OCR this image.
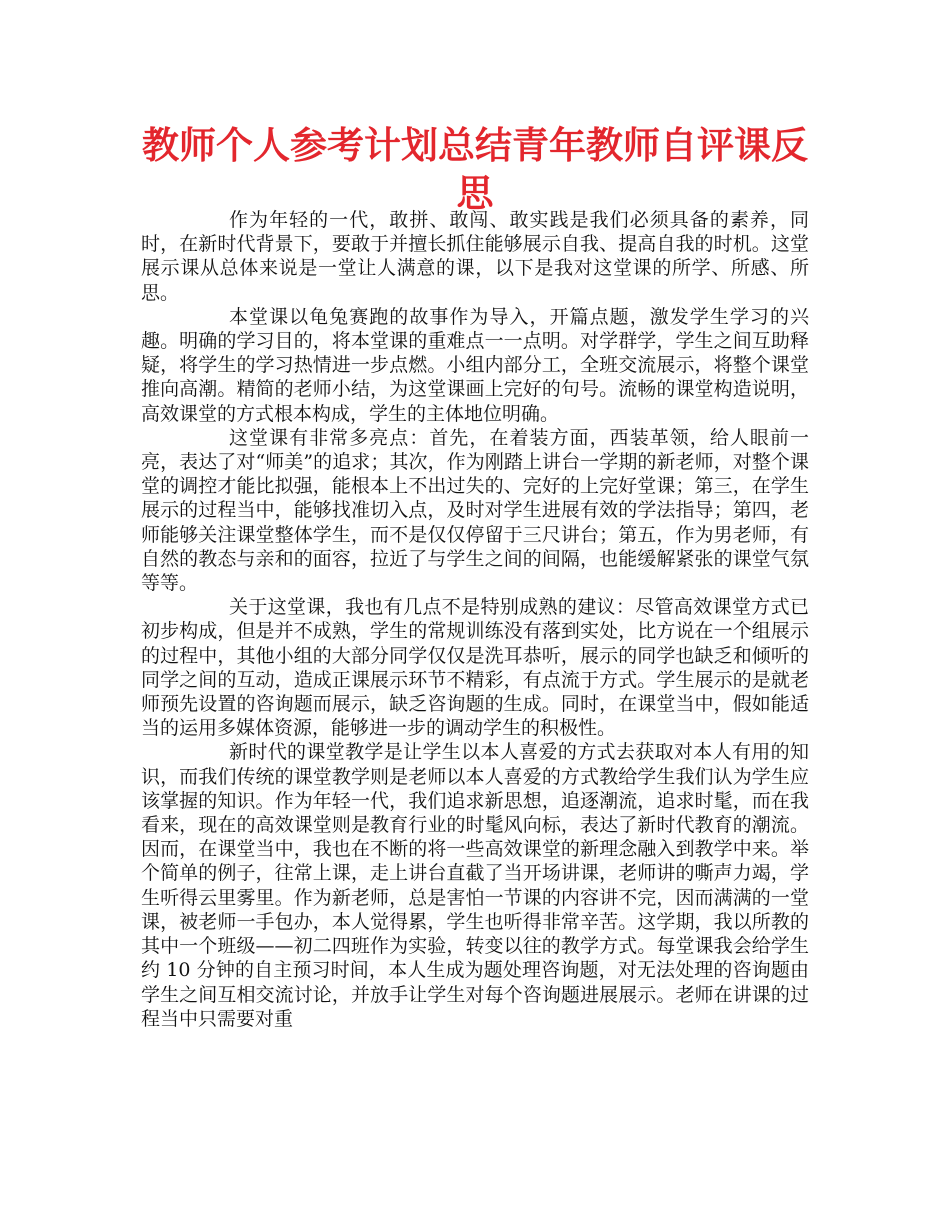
教师个人参考计划总结青年教师自评课反思

作为年轻的一代，敢拼、敢闯、敢实践是我们必须具备的素养，同时，在新时代背景下，要敢于并擅长抓住能够展示自我、提高自我的时机。这堂展示课从总体来说是一堂让人满意的课，以下是我对这堂课的所学、所感、所思。

本堂课以龟兔赛跑的故事作为导入，开篇点题，激发学生学习的兴趣。明确的学习目的，将本堂课的重难点一一点明。对学群学，学生之间互助释疑，将学生的学习热情进一步点燃。小组内部分工，全班交流展示，将整个课堂推向高潮。精简的老师小结，为这堂课画上完好的句号。流畅的课堂构造说明，高效课堂的方式根本构成，学生的主体地位明确。

这堂课有非常多亮点：首先，在着装方面，西装革领，给人眼前一亮，表达了对“师美”的追求；其次，作为刚踏上讲台一学期的新老师，对整个课堂的调控才能比拟强，能根本上不出过失的、完好的上完好堂课；第三，在学生展示的过程当中，能够找准切入点，及时对学生进展有效的学法指导；第四，老师能够关注课堂整体学生，而不是仅仅停留于三尺讲台；第五，作为男老师，有自然的教态与亲和的面容，拉近了与学生之间的间隔，也能缓解紧张的课堂气氛等等。

关于这堂课，我也有几点不是特别成熟的建议：尽管高效课堂方式已初步构成，但是并不成熟，学生的常规训练没有落到实处，比方说在一个组展示的过程中，其他小组的大部分同学仅仅是洗耳恭听，展示的同学也缺乏和倾听的同学之间的互动，造成正课展示环节不精彩，有点流于方式。学生展示的是就老师预先设置的咨询题而展示，缺乏咨询题的生成。同时，在课堂当中，假如能适当的运用多媒体资源，能够进一步的调动学生的积极性。

新时代的课堂教学是让学生以本人喜爱的方式去获取对本人有用的知识，而我们传统的课堂教学则是老师以本人喜爱的方式教给学生我们认为学生应该掌握的知识。作为年轻一代，我们追求新思想，追逐潮流，追求时髦，而在我看来，现在的高效课堂则是教育行业的时髦风向标，表达了新时代教育的潮流。因而，在课堂当中，我也在不断的将一些高效课堂的新理念融入到教学中来。举个简单的例子，往常上课，走上讲台直截了当开场讲课，老师讲的嘶声力竭，学生听得云里雾里。作为新老师，总是害怕一节课的内容讲不完，因而满满的一堂课，被老师一手包办，本人觉得累，学生也听得非常辛苦。这学期，我以所教的其中一个班级——初二四班作为实验，转变以往的教学方式。每堂课我会给学生约 10 分钟的自主预习时间，本人生成为题处理咨询题，对无法处理的咨询题由学生之间互相交流讨论，并放手让学生对每个咨询题进展展示。老师在讲课的过程当中只需要对重
